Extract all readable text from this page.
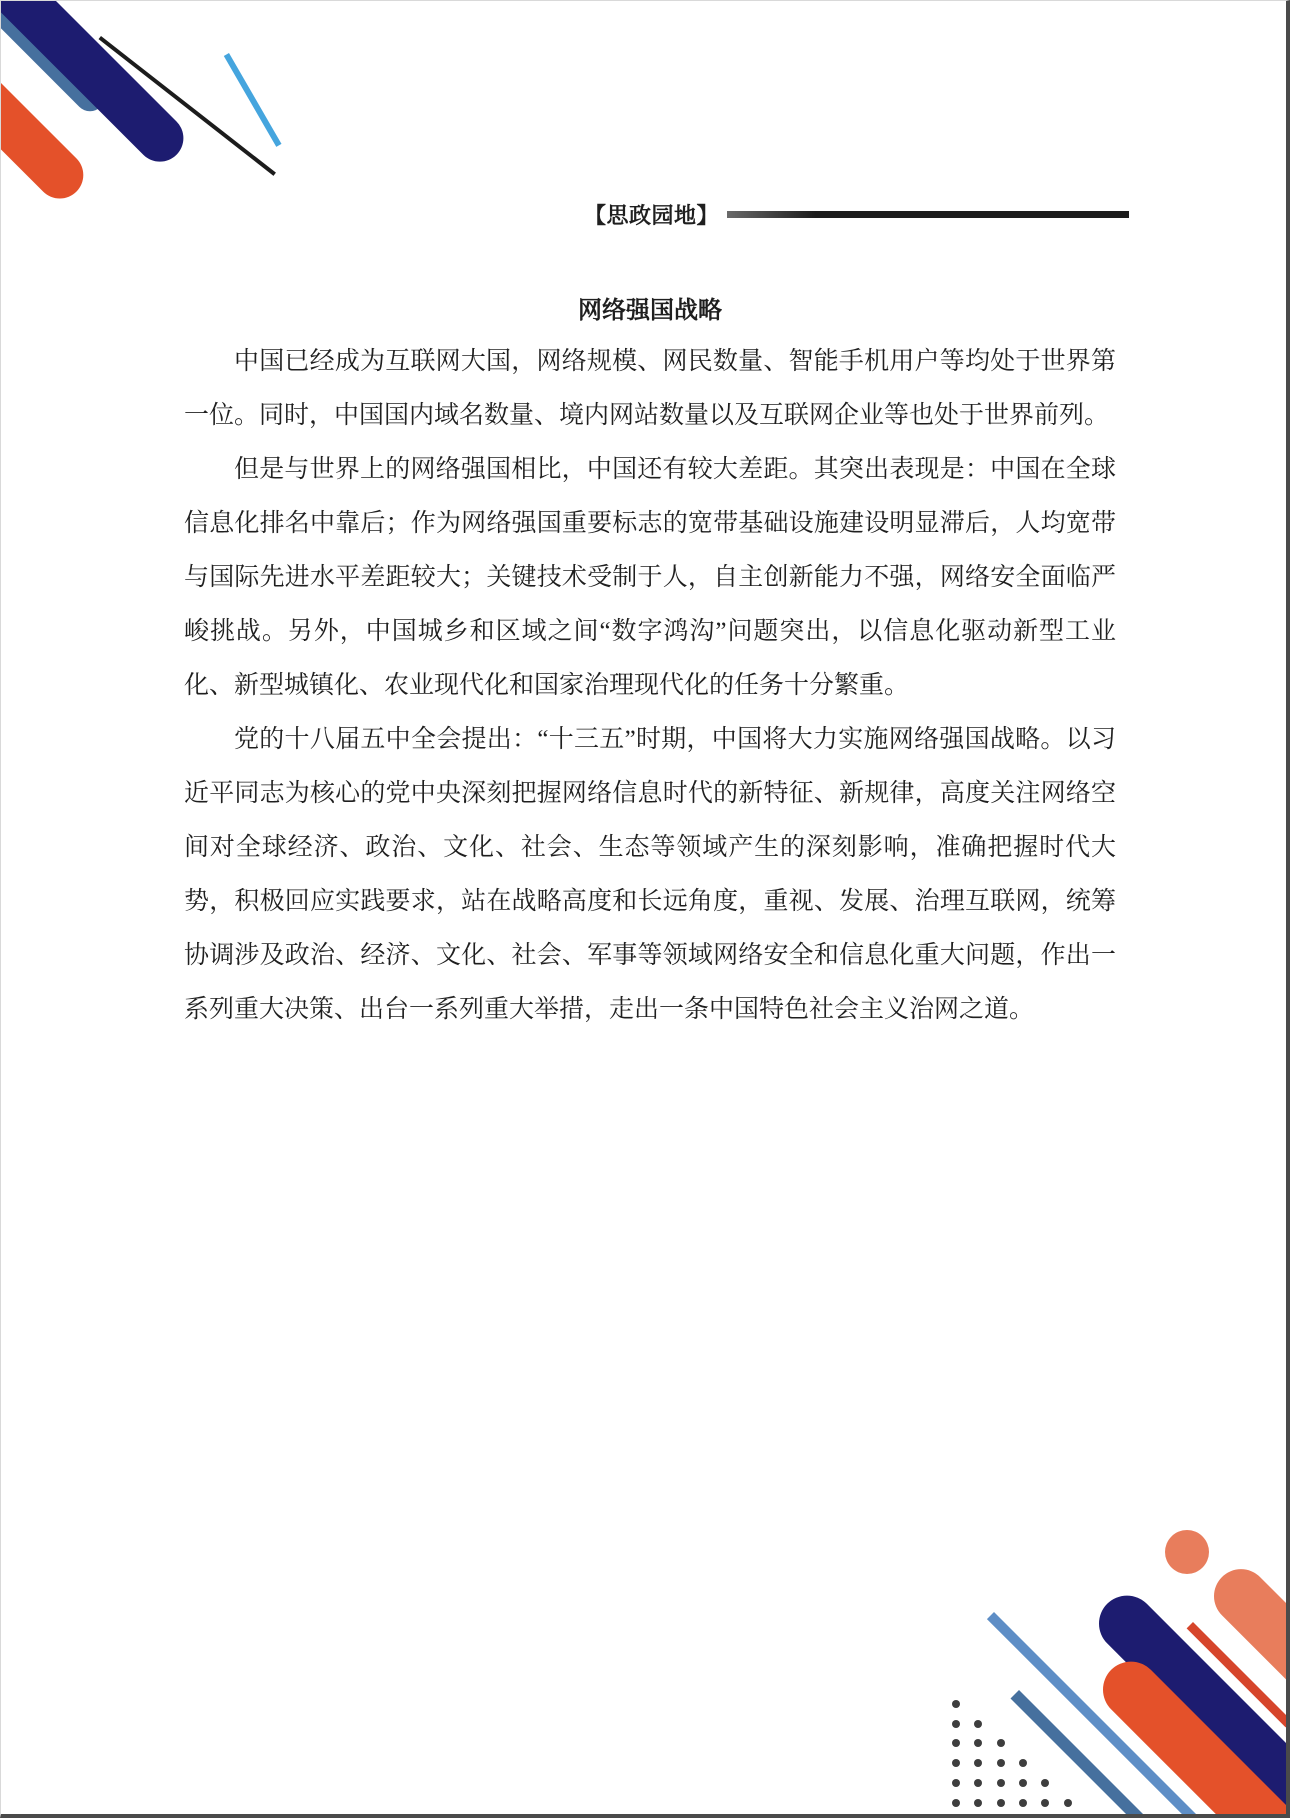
【思政园地】
网络强国战略
中国已经成为互联网大国，网络规模、网民数量、智能手机用户等均处于世界第一位。同时，中国国内域名数量、境内网站数量以及互联网企业等也处于世界前列。
但是与世界上的网络强国相比，中国还有较大差距。其突出表现是：中国在全球信息化排名中靠后；作为网络强国重要标志的宽带基础设施建设明显滞后，人均宽带与国际先进水平差距较大；关键技术受制于人，自主创新能力不强，网络安全面临严峻挑战。另外，中国城乡和区域之间“数字鸿沟”问题突出，以信息化驱动新型工业化、新型城镇化、农业现代化和国家治理现代化的任务十分繁重。
党的十八届五中全会提出：“十三五”时期，中国将大力实施网络强国战略。以习近平同志为核心的党中央深刻把握网络信息时代的新特征、新规律，高度关注网络空间对全球经济、政治、文化、社会、生态等领域产生的深刻影响，准确把握时代大势，积极回应实践要求，站在战略高度和长远角度，重视、发展、治理互联网，统筹协调涉及政治、经济、文化、社会、军事等领域网络安全和信息化重大问题，作出一系列重大决策、出台一系列重大举措，走出一条中国特色社会主义治网之道。
